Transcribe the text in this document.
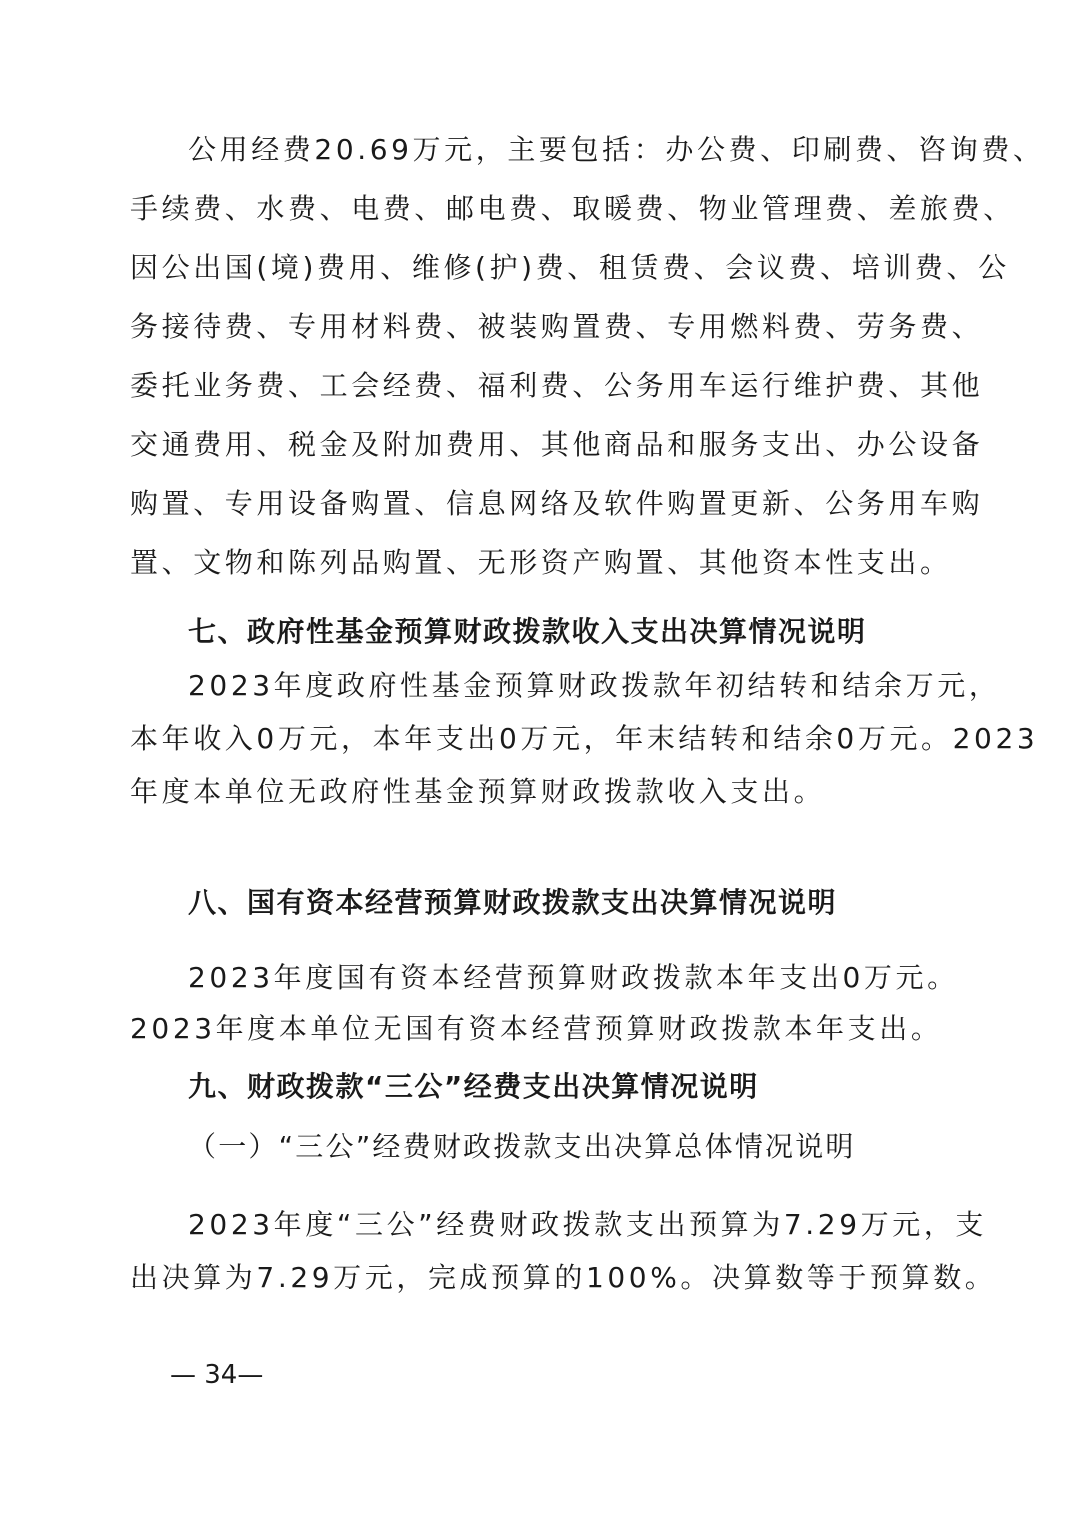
公用经费20.69万元，主要包括：办公费、印刷费、咨询费、

手续费、水费、电费、邮电费、取暖费、物业管理费、差旅费、

因公出国(境)费用、维修(护)费、租赁费、会议费、培训费、公

务接待费、专用材料费、被装购置费、专用燃料费、劳务费、

委托业务费、工会经费、福利费、公务用车运行维护费、其他

交通费用、税金及附加费用、其他商品和服务支出、办公设备

购置、专用设备购置、信息网络及软件购置更新、公务用车购

置、文物和陈列品购置、无形资产购置、其他资本性支出。

七、政府性基金预算财政拨款收入支出决算情况说明

2023年度政府性基金预算财政拨款年初结转和结余万元，

本年收入0万元，本年支出0万元，年末结转和结余0万元。2023

年度本单位无政府性基金预算财政拨款收入支出。

八、国有资本经营预算财政拨款支出决算情况说明

2023年度国有资本经营预算财政拨款本年支出0万元。

2023年度本单位无国有资本经营预算财政拨款本年支出。

九、财政拨款“三公”经费支出决算情况说明

（一）“三公”经费财政拨款支出决算总体情况说明

2023年度“三公”经费财政拨款支出预算为7.29万元，支

出决算为7.29万元，完成预算的100%。决算数等于预算数。

— 34—
